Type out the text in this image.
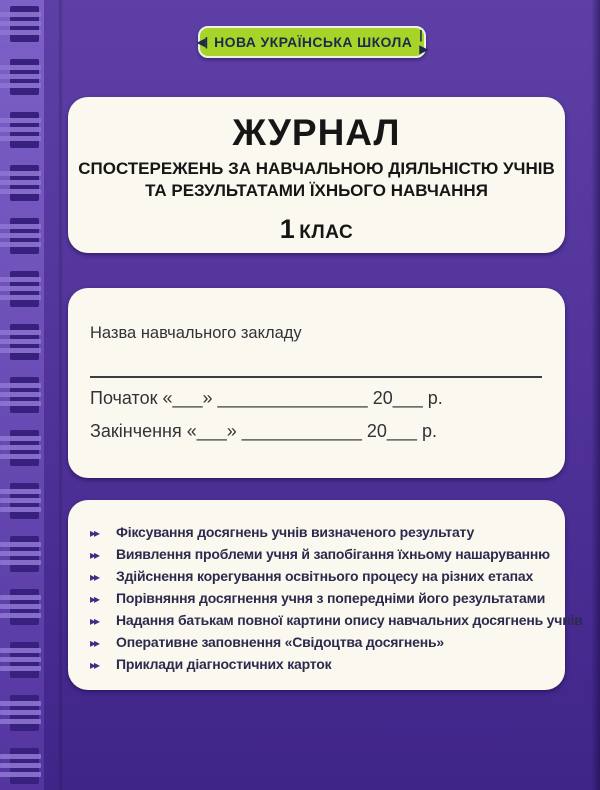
◀| НОВА УКРАЇНСЬКА ШКОЛА |▶
ЖУРНАЛ
СПОСТЕРЕЖЕНЬ ЗА НАВЧАЛЬНОЮ ДІЯЛЬНІСТЮ УЧНІВ
ТА РЕЗУЛЬТАТАМИ ЇХНЬОГО НАВЧАННЯ
1 КЛАС
Назва навчального закладу
Початок «___» _______________ 20___ р.
Закінчення «___» ____________ 20___ р.
▸▸	Фіксування досягнень учнів визначеного результату
▸▸	Виявлення проблеми учня й запобігання їхньому нашаруванню
▸▸	Здійснення корегування освітнього процесу на різних етапах
▸▸	Порівняння досягнення учня з попередніми його результатами
▸▸	Надання батькам повної картини опису навчальних досягнень учнів
▸▸	Оперативне заповнення «Свідоцтва досягнень»
▸▸	Приклади діагностичних карток
